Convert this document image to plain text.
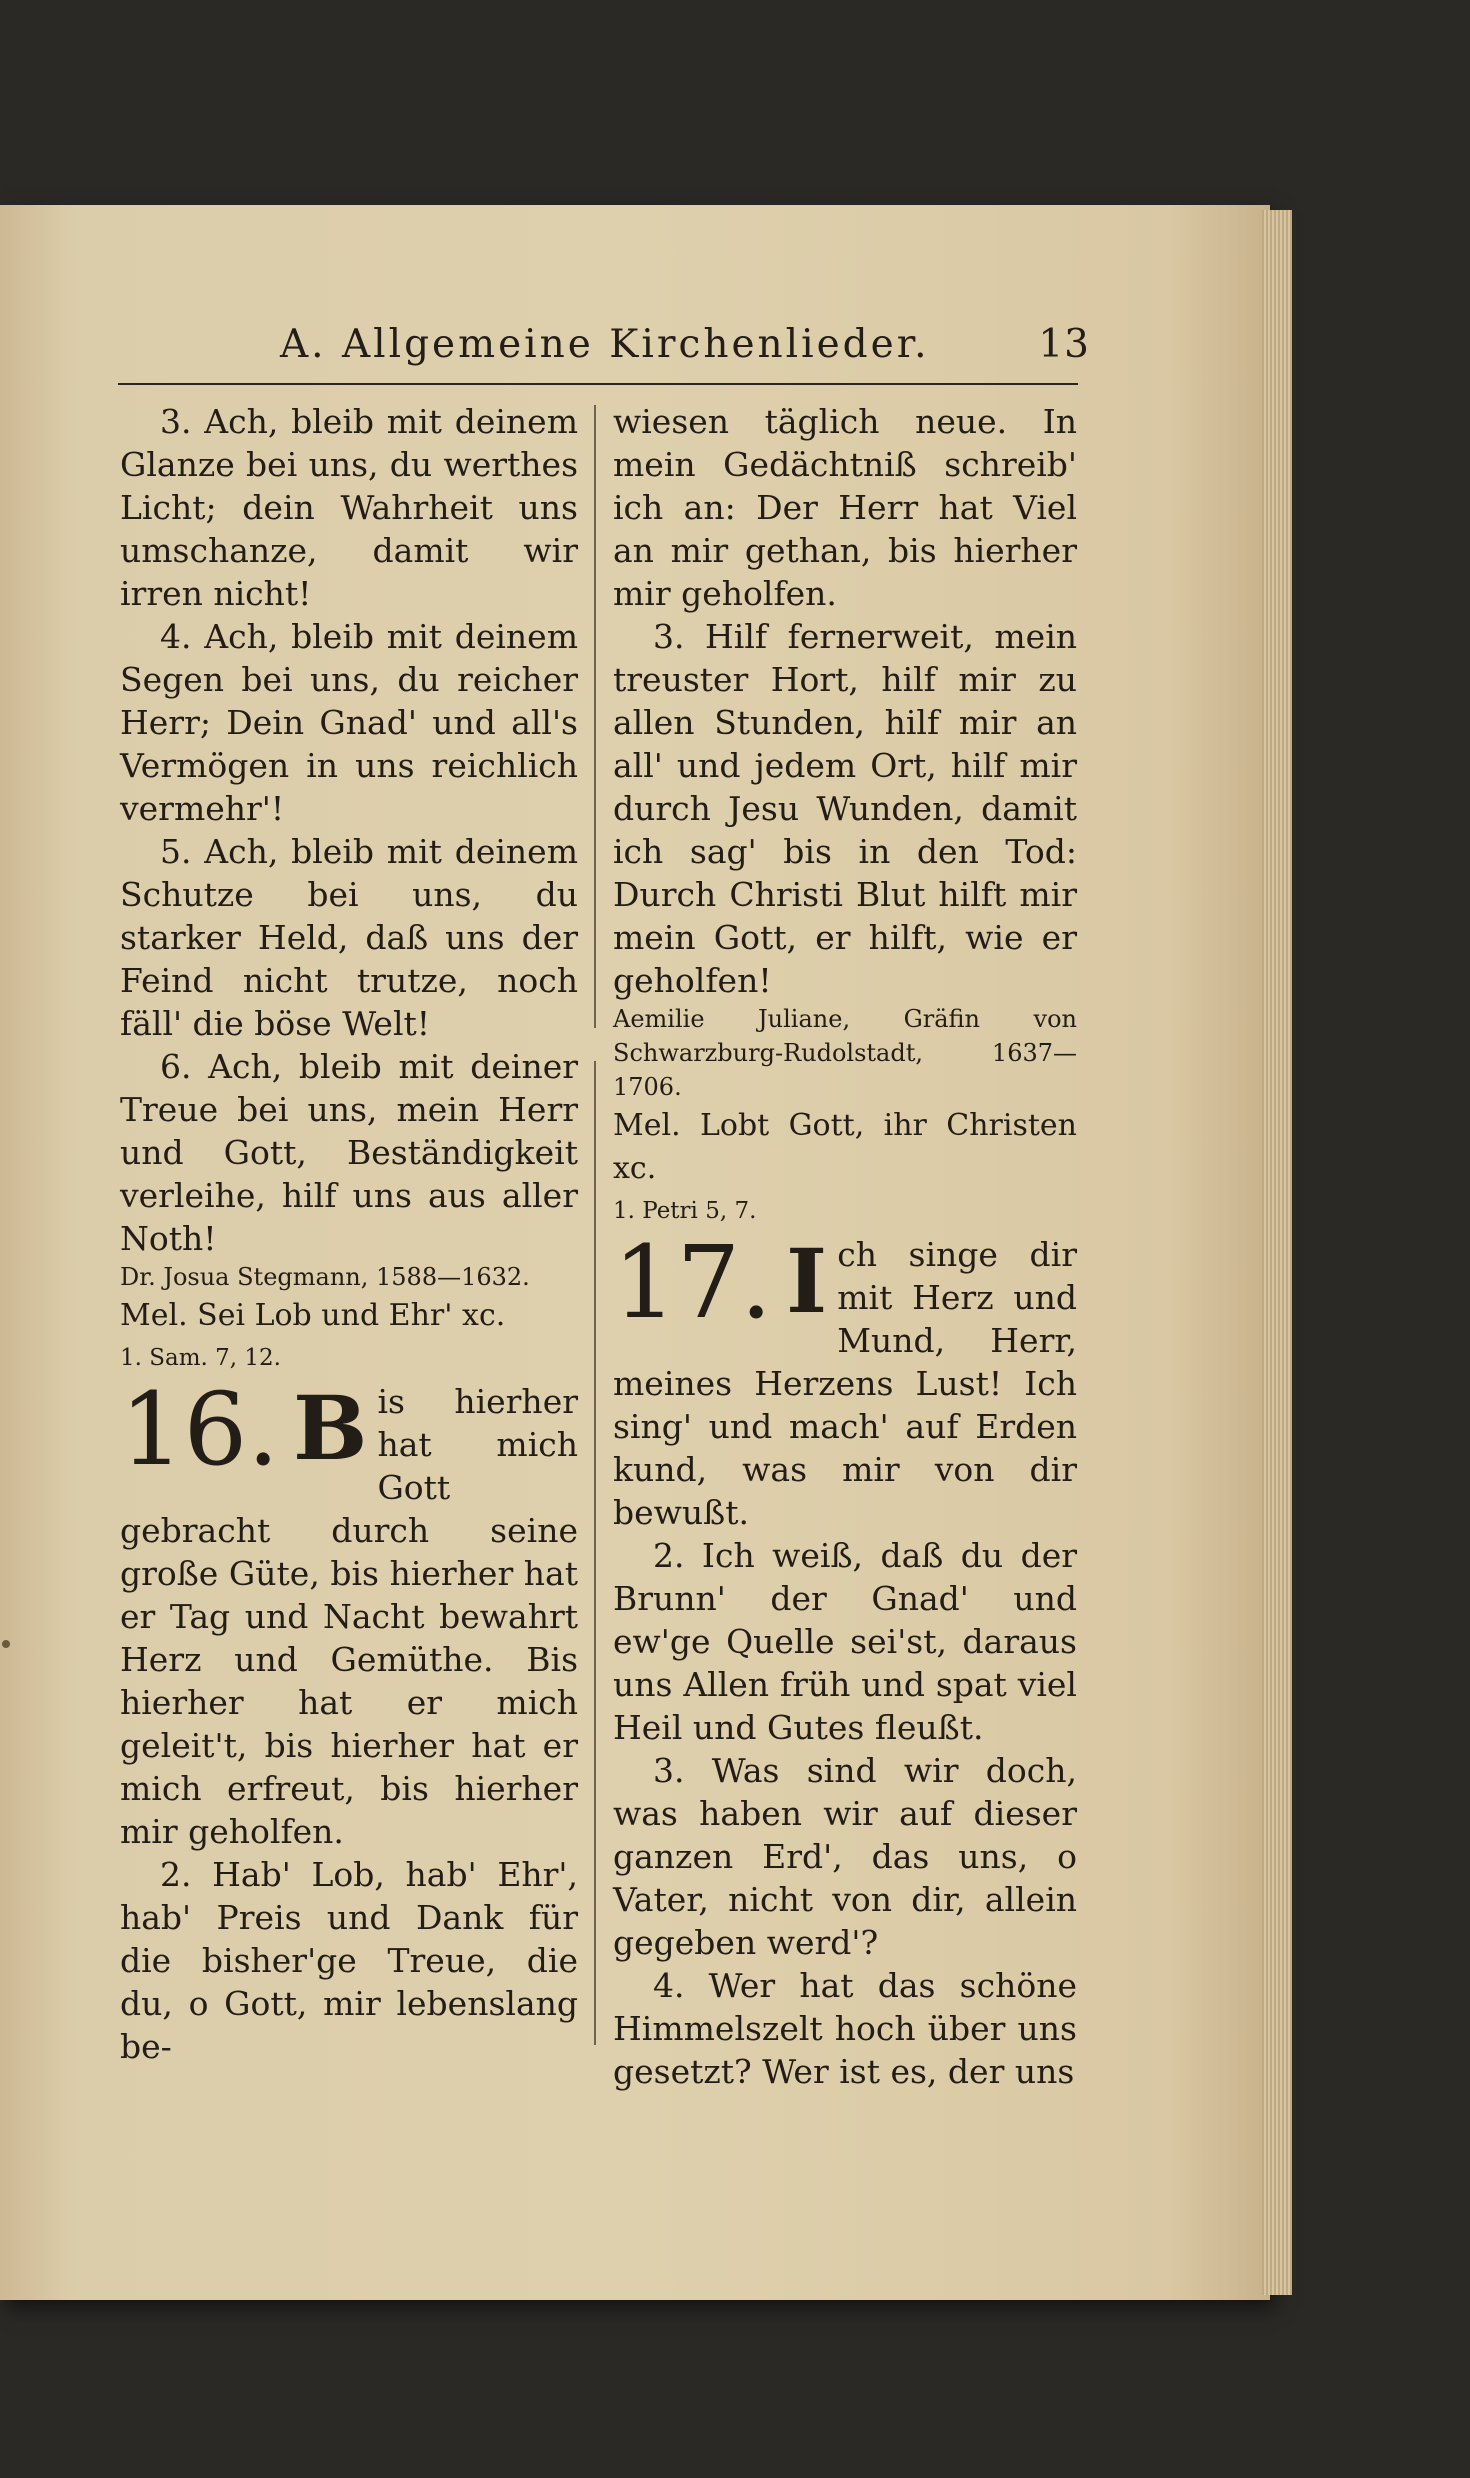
A. Allgemeine Kirchenlieder.	13

3. Ach, bleib mit deinem Glanze bei uns, du werthes Licht; dein Wahrheit uns umschanze, damit wir irren nicht!

4. Ach, bleib mit deinem Segen bei uns, du reicher Herr; Dein Gnad' und all's Vermögen in uns reichlich vermehr'!

5. Ach, bleib mit deinem Schutze bei uns, du starker Held, daß uns der Feind nicht trutze, noch fäll' die böse Welt!

6. Ach, bleib mit deiner Treue bei uns, mein Herr und Gott, Beständigkeit verleihe, hilf uns aus aller Noth!

Dr. Josua Stegmann, 1588—1632.

Mel. Sei Lob und Ehr' xc.

1. Sam. 7, 12.

16. B is hierher hat mich Gott gebracht durch seine große Güte, bis hierher hat er Tag und Nacht bewahrt Herz und Gemüthe. Bis hierher hat er mich geleit't, bis hierher hat er mich erfreut, bis hierher mir geholfen.

2. Hab' Lob, hab' Ehr', hab' Preis und Dank für die bisher'ge Treue, die du, o Gott, mir lebenslang be-

wiesen täglich neue. In mein Gedächtniß schreib' ich an: Der Herr hat Viel an mir gethan, bis hierher mir geholfen.

3. Hilf fernerweit, mein treuster Hort, hilf mir zu allen Stunden, hilf mir an all' und jedem Ort, hilf mir durch Jesu Wunden, damit ich sag' bis in den Tod: Durch Christi Blut hilft mir mein Gott, er hilft, wie er geholfen!

Aemilie Juliane, Gräfin von Schwarzburg-Rudolstadt, 1637—1706.

Mel. Lobt Gott, ihr Christen xc.

1. Petri 5, 7.

17. I ch singe dir mit Herz und Mund, Herr, meines Herzens Lust! Ich sing' und mach' auf Erden kund, was mir von dir bewußt.

2. Ich weiß, daß du der Brunn' der Gnad' und ew'ge Quelle sei'st, daraus uns Allen früh und spat viel Heil und Gutes fleußt.

3. Was sind wir doch, was haben wir auf dieser ganzen Erd', das uns, o Vater, nicht von dir, allein gegeben werd'?

4. Wer hat das schöne Himmelszelt hoch über uns gesetzt? Wer ist es, der uns
